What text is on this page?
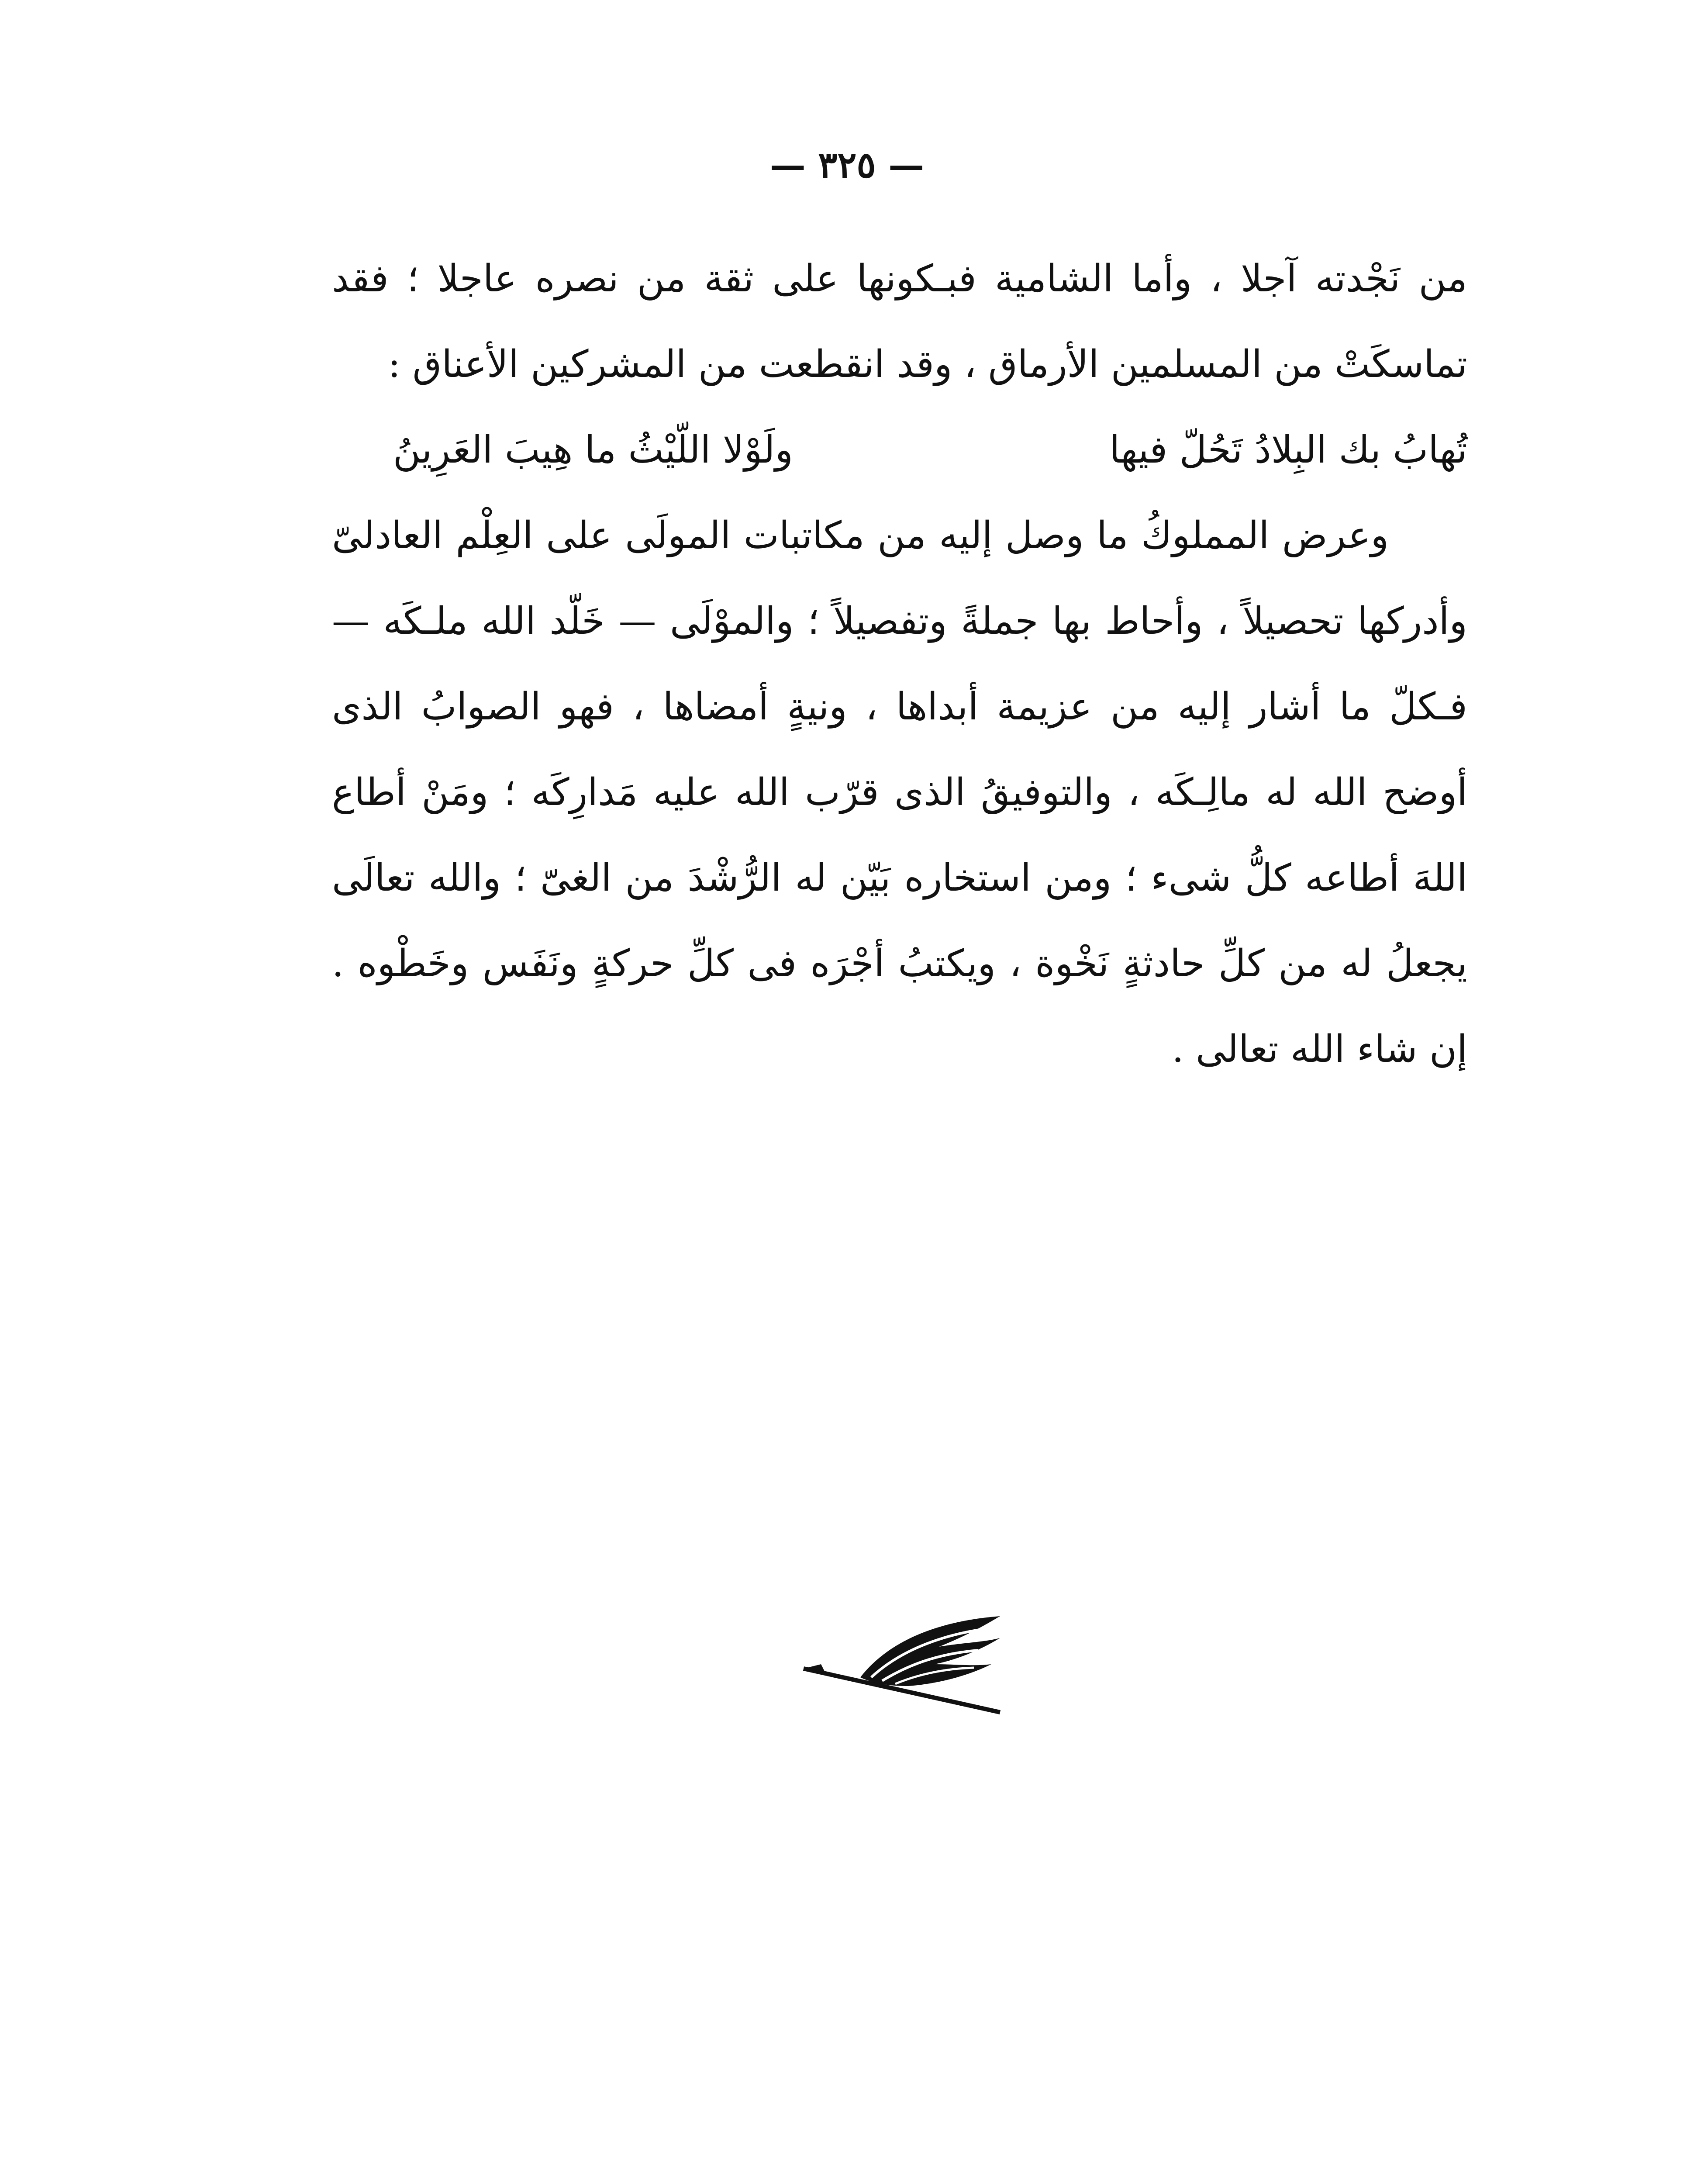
— ٣٢٥ —

من نَجْدته آجلا ، وأما الشامية فبـكونها على ثقة من نصره عاجلا ؛ فقد تماسكَتْ من المسلمين الأرماق ، وقد انقطعت من المشركين الأعناق :

تُهابُ بك البِلادُ تَحُلّ فيها
ولَوْلا اللّيْثُ ما هِيبَ العَرِينُ

وعرض المملوكُ ما وصل إليه من مكاتبات المولَى على العِلْم العادلىّ وأدركها تحصيلاً ، وأحاط بها جملةً وتفصيلاً ؛ والموْلَى — خَلّد الله ملـكَه — فـكلّ ما أشار إليه من عزيمة أبداها ، ونيةٍ أمضاها ، فهو الصوابُ الذى أوضح الله له مالِـكَه ، والتوفيقُ الذى قرّب الله عليه مَدارِكَه ؛ ومَنْ أطاع اللهَ أطاعه كلُّ شىء ؛ ومن استخاره بَيّن له الرُّشْدَ من الغىّ ؛ والله تعالَى يجعلُ له من كلِّ حادثةٍ نَخْوة ، ويكتبُ أجْرَه فى كلِّ حركةٍ ونَفَس وخَطْوه . إن شاء الله تعالى .
